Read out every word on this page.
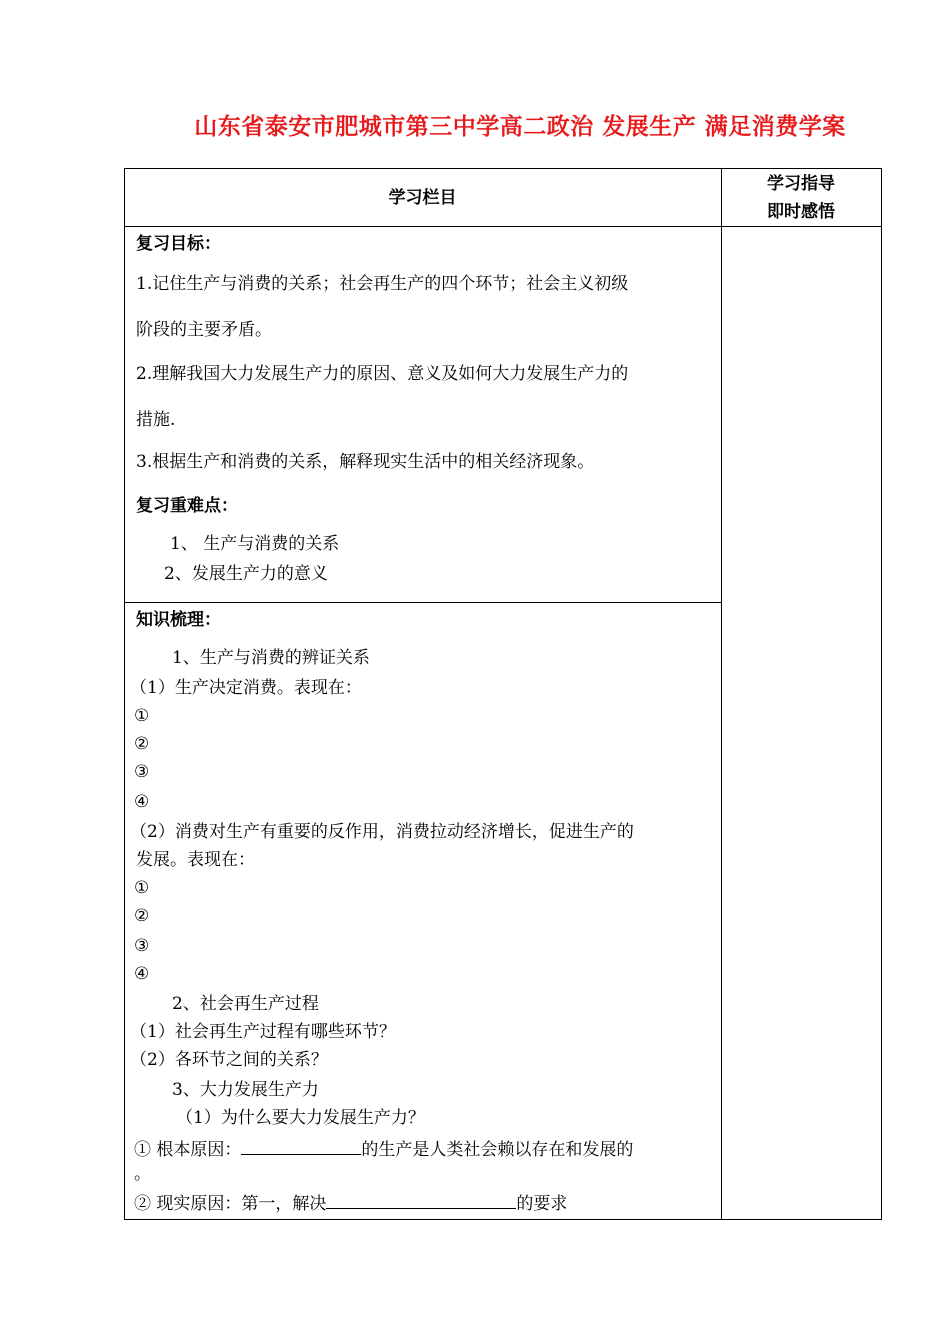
山东省泰安市肥城市第三中学高二政治 发展生产 满足消费学案
学习栏目
学习指导
即时感悟
复习目标：
1.记住生产与消费的关系；社会再生产的四个环节；社会主义初级
阶段的主要矛盾。
2.理解我国大力发展生产力的原因、意义及如何大力发展生产力的
措施.
3.根据生产和消费的关系，解释现实生活中的相关经济现象。
复习重难点：
1、 生产与消费的关系
2、发展生产力的意义
知识梳理：
1、生产与消费的辨证关系
（1）生产决定消费。表现在：
①
②
③
④
（2）消费对生产有重要的反作用，消费拉动经济增长，促进生产的
发展。表现在：
①
②
③
④
2、社会再生产过程
（1）社会再生产过程有哪些环节？
（2）各环节之间的关系？
3、大力发展生产力
（1）为什么要大力发展生产力？
① 根本原因：	的生产是人类社会赖以存在和发展的
。
② 现实原因：第一，解决	的要求
